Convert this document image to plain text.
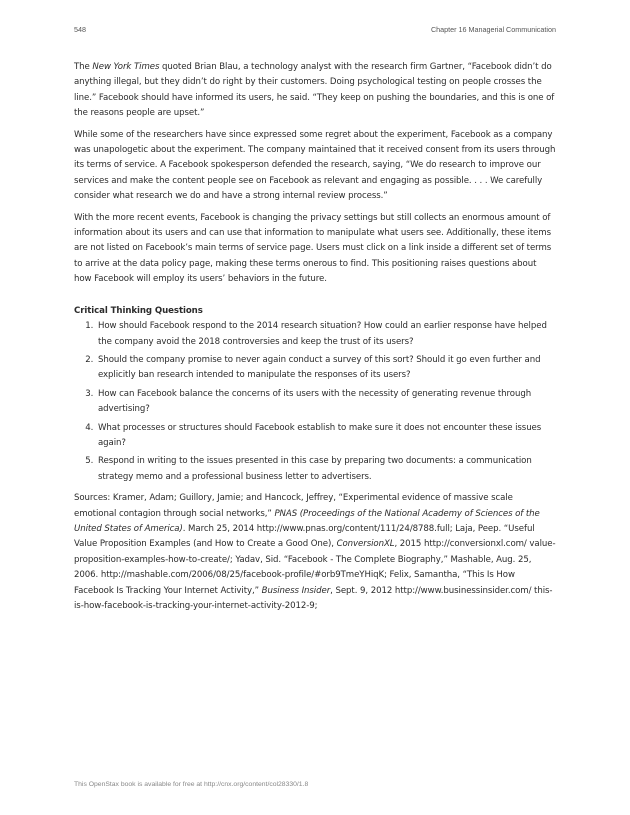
548	Chapter 16 Managerial Communication

The New York Times quoted Brian Blau, a technology analyst with the research firm Gartner, “Facebook didn’t do anything illegal, but they didn’t do right by their customers. Doing psychological testing on people crosses the line.” Facebook should have informed its users, he said. “They keep on pushing the boundaries, and this is one of the reasons people are upset.”

While some of the researchers have since expressed some regret about the experiment, Facebook as a company was unapologetic about the experiment. The company maintained that it received consent from its users through its terms of service. A Facebook spokesperson defended the research, saying, “We do research to improve our services and make the content people see on Facebook as relevant and engaging as possible. . . . We carefully consider what research we do and have a strong internal review process.”

With the more recent events, Facebook is changing the privacy settings but still collects an enormous amount of information about its users and can use that information to manipulate what users see. Additionally, these items are not listed on Facebook’s main terms of service page. Users must click on a link inside a different set of terms to arrive at the data policy page, making these terms onerous to find. This positioning raises questions about how Facebook will employ its users’ behaviors in the future.

Critical Thinking Questions
1. How should Facebook respond to the 2014 research situation? How could an earlier response have helped the company avoid the 2018 controversies and keep the trust of its users?
2. Should the company promise to never again conduct a survey of this sort? Should it go even further and explicitly ban research intended to manipulate the responses of its users?
3. How can Facebook balance the concerns of its users with the necessity of generating revenue through advertising?
4. What processes or structures should Facebook establish to make sure it does not encounter these issues again?
5. Respond in writing to the issues presented in this case by preparing two documents: a communication strategy memo and a professional business letter to advertisers.

Sources: Kramer, Adam; Guillory, Jamie; and Hancock, Jeffrey, “Experimental evidence of massive scale emotional contagion through social networks,” PNAS (Proceedings of the National Academy of Sciences of the United States of America). March 25, 2014 http://www.pnas.org/content/111/24/8788.full; Laja, Peep. “Useful Value Proposition Examples (and How to Create a Good One), ConversionXL, 2015 http://conversionxl.com/ value-proposition-examples-how-to-create/; Yadav, Sid. “Facebook - The Complete Biography,” Mashable, Aug. 25, 2006. http://mashable.com/2006/08/25/facebook-profile/#orb9TmeYHiqK; Felix, Samantha, “This Is How Facebook Is Tracking Your Internet Activity,” Business Insider, Sept. 9, 2012 http://www.businessinsider.com/ this-is-how-facebook-is-tracking-your-internet-activity-2012-9;

This OpenStax book is available for free at http://cnx.org/content/col28330/1.8
